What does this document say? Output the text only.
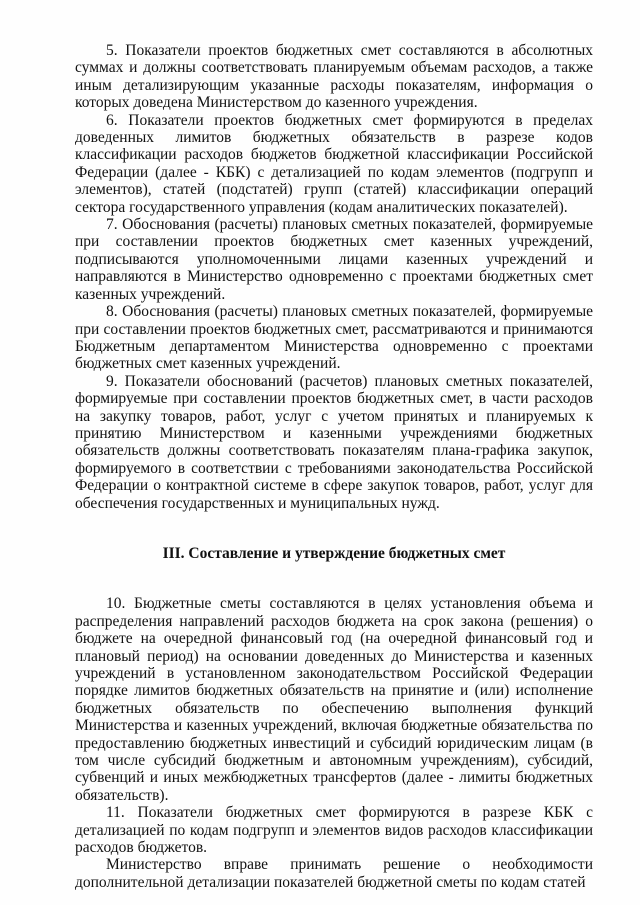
5. Показатели проектов бюджетных смет составляются в абсолютных суммах и должны соответствовать планируемым объемам расходов, а также иным детализирующим указанные расходы показателям, информация о которых доведена Министерством до казенного учреждения.

6. Показатели проектов бюджетных смет формируются в пределах доведенных лимитов бюджетных обязательств в разрезе кодов классификации расходов бюджетов бюджетной классификации Российской Федерации (далее - КБК) с детализацией по кодам элементов (подгрупп и элементов), статей (подстатей) групп (статей) классификации операций сектора государственного управления (кодам аналитических показателей).

7. Обоснования (расчеты) плановых сметных показателей, формируемые при составлении проектов бюджетных смет казенных учреждений, подписываются уполномоченными лицами казенных учреждений и направляются в Министерство одновременно с проектами бюджетных смет казенных учреждений.

8. Обоснования (расчеты) плановых сметных показателей, формируемые при составлении проектов бюджетных смет, рассматриваются и принимаются Бюджетным департаментом Министерства одновременно с проектами бюджетных смет казенных учреждений.

9. Показатели обоснований (расчетов) плановых сметных показателей, формируемые при составлении проектов бюджетных смет, в части расходов на закупку товаров, работ, услуг с учетом принятых и планируемых к принятию Министерством и казенными учреждениями бюджетных обязательств должны соответствовать показателям плана-графика закупок, формируемого в соответствии с требованиями законодательства Российской Федерации о контрактной системе в сфере закупок товаров, работ, услуг для обеспечения государственных и муниципальных нужд.

III. Составление и утверждение бюджетных смет

10. Бюджетные сметы составляются в целях установления объема и распределения направлений расходов бюджета на срок закона (решения) о бюджете на очередной финансовый год (на очередной финансовый год и плановый период) на основании доведенных до Министерства и казенных учреждений в установленном законодательством Российской Федерации порядке лимитов бюджетных обязательств на принятие и (или) исполнение бюджетных обязательств по обеспечению выполнения функций Министерства и казенных учреждений, включая бюджетные обязательства по предоставлению бюджетных инвестиций и субсидий юридическим лицам (в том числе субсидий бюджетным и автономным учреждениям), субсидий, субвенций и иных межбюджетных трансфертов (далее - лимиты бюджетных обязательств).

11. Показатели бюджетных смет формируются в разрезе КБК с детализацией по кодам подгрупп и элементов видов расходов классификации расходов бюджетов.

Министерство вправе принимать решение о необходимости дополнительной детализации показателей бюджетной сметы по кодам статей
